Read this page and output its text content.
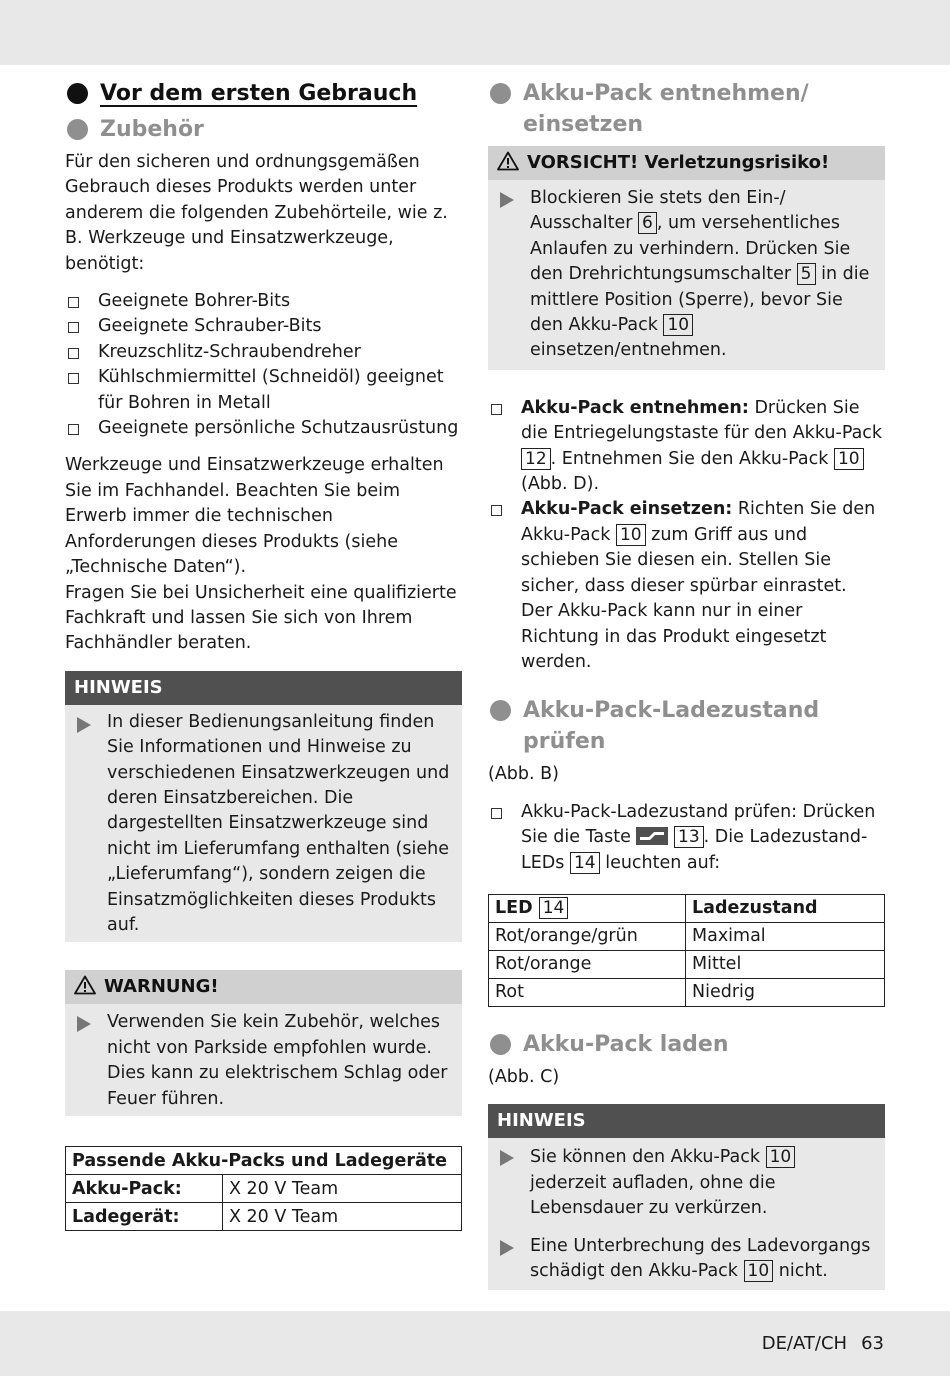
Vor dem ersten Gebrauch
Zubehör

Für den sicheren und ordnungsgemäßen Gebrauch dieses Produkts werden unter anderem die folgenden Zubehörteile, wie z. B. Werkzeuge und Einsatzwerkzeuge, benötigt:

Geeignete Bohrer-Bits
Geeignete Schrauber-Bits
Kreuzschlitz-Schraubendreher
Kühlschmiermittel (Schneidöl) geeignet für Bohren in Metall
Geeignete persönliche Schutzausrüstung

Werkzeuge und Einsatzwerkzeuge erhalten Sie im Fachhandel. Beachten Sie beim Erwerb immer die technischen Anforderungen dieses Produkts (siehe „Technische Daten“).

Fragen Sie bei Unsicherheit eine qualifizierte Fachkraft und lassen Sie sich von Ihrem Fachhändler beraten.

HINWEIS
In dieser Bedienungsanleitung finden Sie Informationen und Hinweise zu verschiedenen Einsatzwerkzeugen und deren Einsatzbereichen. Die dargestellten Einsatzwerkzeuge sind nicht im Lieferumfang enthalten (siehe „Lieferumfang“), sondern zeigen die Einsatzmöglichkeiten dieses Produkts auf.
WARNUNG!
Verwenden Sie kein Zubehör, welches nicht von Parkside empfohlen wurde. Dies kann zu elektrischem Schlag oder Feuer führen.
Passende Akku-Packs und Ladegeräte	
Akku-Pack:	X 20 V Team
Ladegerät:	X 20 V Team
Akku-Pack entnehmen/ einsetzen
VORSICHT! Verletzungsrisiko!
Blockieren Sie stets den Ein-/ Ausschalter 6 , um versehentliches Anlaufen zu verhindern. Drücken Sie den Drehrichtungsumschalter 5 in die mittlere Position (Sperre), bevor Sie den Akku-Pack 10 einsetzen/entnehmen.
Akku-Pack entnehmen: Drücken Sie die Entriegelungstaste für den Akku-Pack 12 . Entnehmen Sie den Akku-Pack 10 (Abb. D).
Akku-Pack einsetzen: Richten Sie den Akku-Pack 10 zum Griff aus und schieben Sie diesen ein. Stellen Sie sicher, dass dieser spürbar einrastet.
Der Akku-Pack kann nur in einer Richtung in das Produkt eingesetzt werden.
Akku-Pack-Ladezustand prüfen

(Abb. B)

Akku-Pack-Ladezustand prüfen: Drücken Sie die Taste	13 . Die Ladezustand-LEDs 14 leuchten auf:
LED 14	Ladezustand
Rot/orange/grün	Maximal
Rot/orange	Mittel
Rot	Niedrig
Akku-Pack laden

(Abb. C)

HINWEIS
Sie können den Akku-Pack 10 jederzeit aufladen, ohne die Lebensdauer zu verkürzen.
Eine Unterbrechung des Ladevorgangs schädigt den Akku-Pack 10 nicht.
DE/AT/CH 63
